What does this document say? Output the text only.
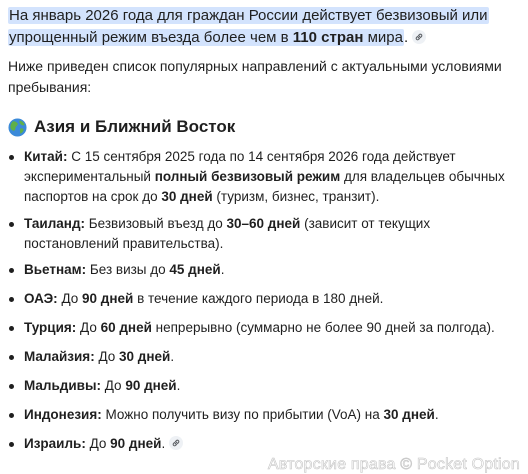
На январь 2026 года для граждан России действует безвизовый или упрощенный режим въезда более чем в 110 стран мира.

Ниже приведен список популярных направлений с актуальными условиями пребывания:

Азия и Ближний Восток
Китай: С 15 сентября 2025 года по 14 сентября 2026 года действует экспериментальный полный безвизовый режим для владельцев обычных паспортов на срок до 30 дней (туризм, бизнес, транзит).
Таиланд: Безвизовый въезд до 30–60 дней (зависит от текущих постановлений правительства).
Вьетнам: Без визы до 45 дней.
ОАЭ: До 90 дней в течение каждого периода в 180 дней.
Турция: До 60 дней непрерывно (суммарно не более 90 дней за полгода).
Малайзия: До 30 дней.
Мальдивы: До 90 дней.
Индонезия: Можно получить визу по прибытии (VoA) на 30 дней.
Израиль: До 90 дней.
Авторские права © Pocket Option
